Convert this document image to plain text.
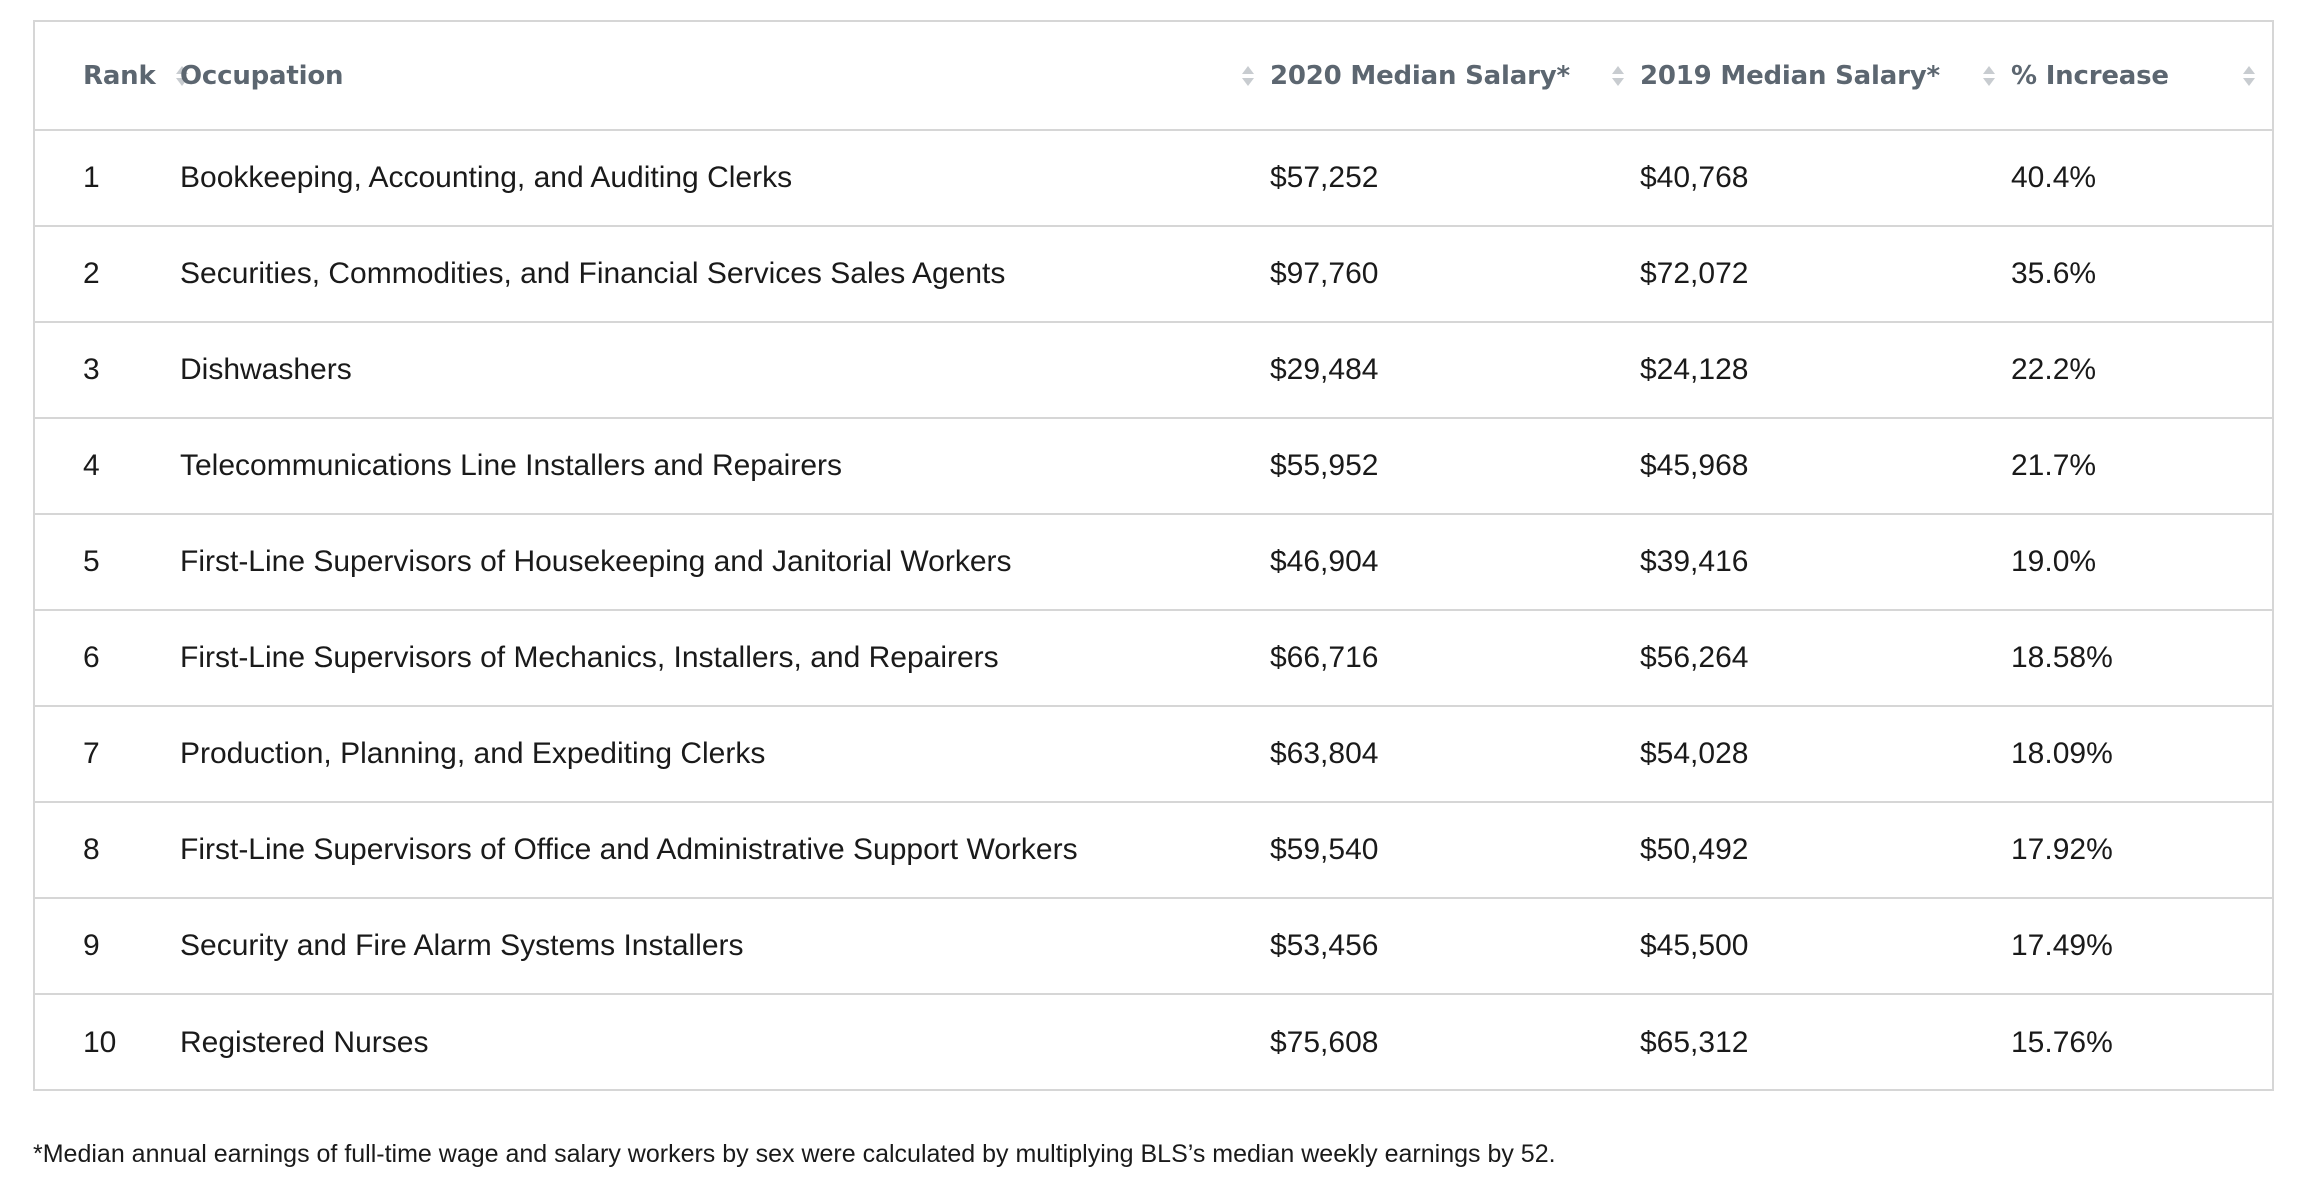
Rank	Occupation	2020 Median Salary*	2019 Median Salary*	% Increase

1	Bookkeeping, Accounting, and Auditing Clerks	$57,252	$40,768	40.4%
2	Securities, Commodities, and Financial Services Sales Agents	$97,760	$72,072	35.6%
3	Dishwashers	$29,484	$24,128	22.2%
4	Telecommunications Line Installers and Repairers	$55,952	$45,968	21.7%
5	First-Line Supervisors of Housekeeping and Janitorial Workers	$46,904	$39,416	19.0%
6	First-Line Supervisors of Mechanics, Installers, and Repairers	$66,716	$56,264	18.58%
7	Production, Planning, and Expediting Clerks	$63,804	$54,028	18.09%
8	First-Line Supervisors of Office and Administrative Support Workers	$59,540	$50,492	17.92%
9	Security and Fire Alarm Systems Installers	$53,456	$45,500	17.49%
10	Registered Nurses	$75,608	$65,312	15.76%
*Median annual earnings of full-time wage and salary workers by sex were calculated by multiplying BLS’s median weekly earnings by 52.
